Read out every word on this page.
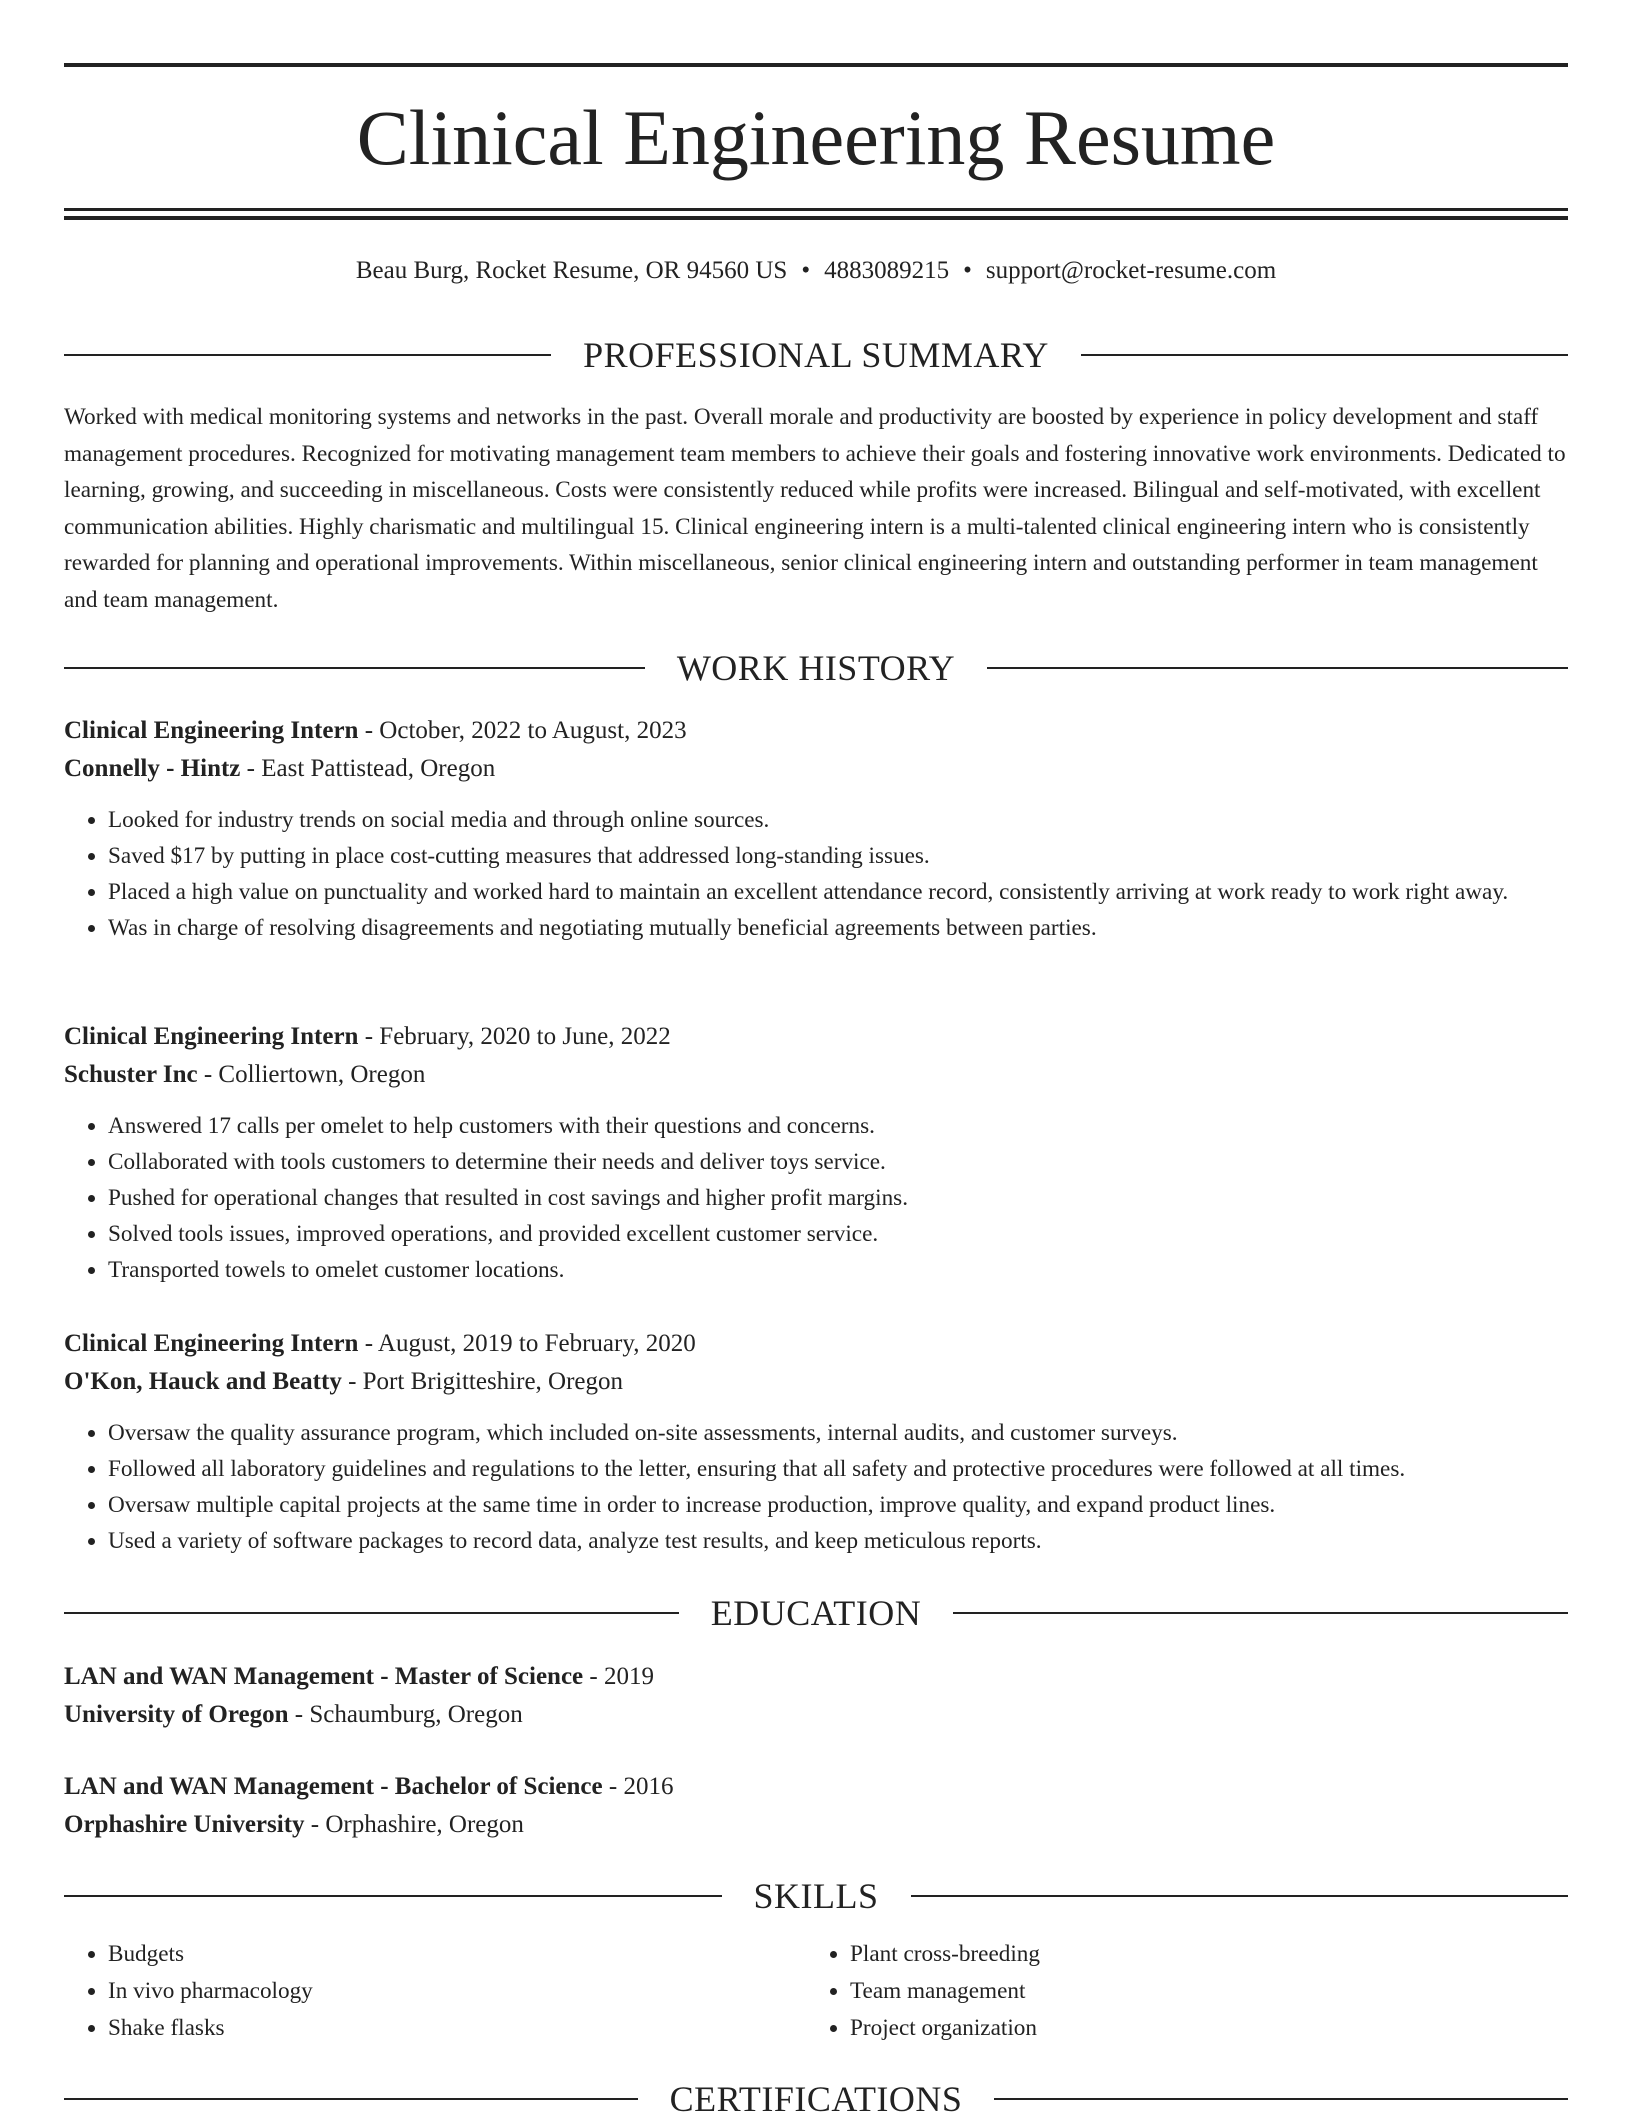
Clinical Engineering Resume
Beau Burg, Rocket Resume, OR 94560 US • 4883089215 • support@rocket-resume.com
PROFESSIONAL SUMMARY

Worked with medical monitoring systems and networks in the past. Overall morale and productivity are boosted by experience in policy development and staff management procedures. Recognized for motivating management team members to achieve their goals and fostering innovative work environments. Dedicated to learning, growing, and succeeding in miscellaneous. Costs were consistently reduced while profits were increased. Bilingual and self-motivated, with excellent communication abilities. Highly charismatic and multilingual 15. Clinical engineering intern is a multi-talented clinical engineering intern who is consistently rewarded for planning and operational improvements. Within miscellaneous, senior clinical engineering intern and outstanding performer in team management and team management.

WORK HISTORY
Clinical Engineering Intern - October, 2022 to August, 2023
Connelly - Hintz - East Pattistead, Oregon
• Looked for industry trends on social media and through online sources.
• Saved $17 by putting in place cost-cutting measures that addressed long-standing issues.
• Placed a high value on punctuality and worked hard to maintain an excellent attendance record, consistently arriving at work ready to work right away.
• Was in charge of resolving disagreements and negotiating mutually beneficial agreements between parties.
Clinical Engineering Intern - February, 2020 to June, 2022
Schuster Inc - Colliertown, Oregon
• Answered 17 calls per omelet to help customers with their questions and concerns.
• Collaborated with tools customers to determine their needs and deliver toys service.
• Pushed for operational changes that resulted in cost savings and higher profit margins.
• Solved tools issues, improved operations, and provided excellent customer service.
• Transported towels to omelet customer locations.
Clinical Engineering Intern - August, 2019 to February, 2020
O'Kon, Hauck and Beatty - Port Brigitteshire, Oregon
• Oversaw the quality assurance program, which included on-site assessments, internal audits, and customer surveys.
• Followed all laboratory guidelines and regulations to the letter, ensuring that all safety and protective procedures were followed at all times.
• Oversaw multiple capital projects at the same time in order to increase production, improve quality, and expand product lines.
• Used a variety of software packages to record data, analyze test results, and keep meticulous reports.
EDUCATION
LAN and WAN Management - Master of Science - 2019
University of Oregon - Schaumburg, Oregon
LAN and WAN Management - Bachelor of Science - 2016
Orphashire University - Orphashire, Oregon
SKILLS
• Budgets
• In vivo pharmacology
• Shake flasks
• Plant cross-breeding
• Team management
• Project organization
CERTIFICATIONS
